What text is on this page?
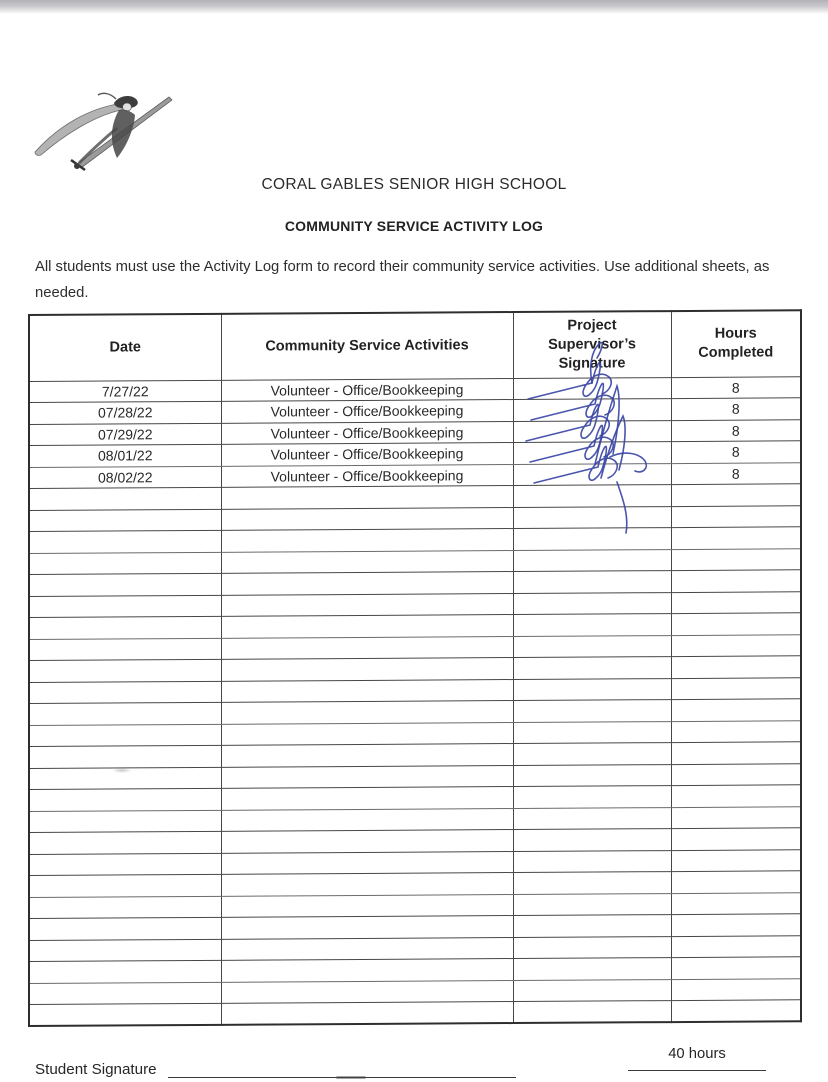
CORAL GABLES SENIOR HIGH SCHOOL
COMMUNITY SERVICE ACTIVITY LOG

All students must use the Activity Log form to record their community service activities. Use additional sheets, as needed.

Date	Community Service Activities	Project Supervisor’s Signature	Hours Completed
7/27/22	Volunteer - Office/Bookkeeping		8
07/28/22	Volunteer - Office/Bookkeeping		8
07/29/22	Volunteer - Office/Bookkeeping		8
08/01/22	Volunteer - Office/Bookkeeping		8
08/02/22	Volunteer - Office/Bookkeeping		8

40 hours
Student Signature
